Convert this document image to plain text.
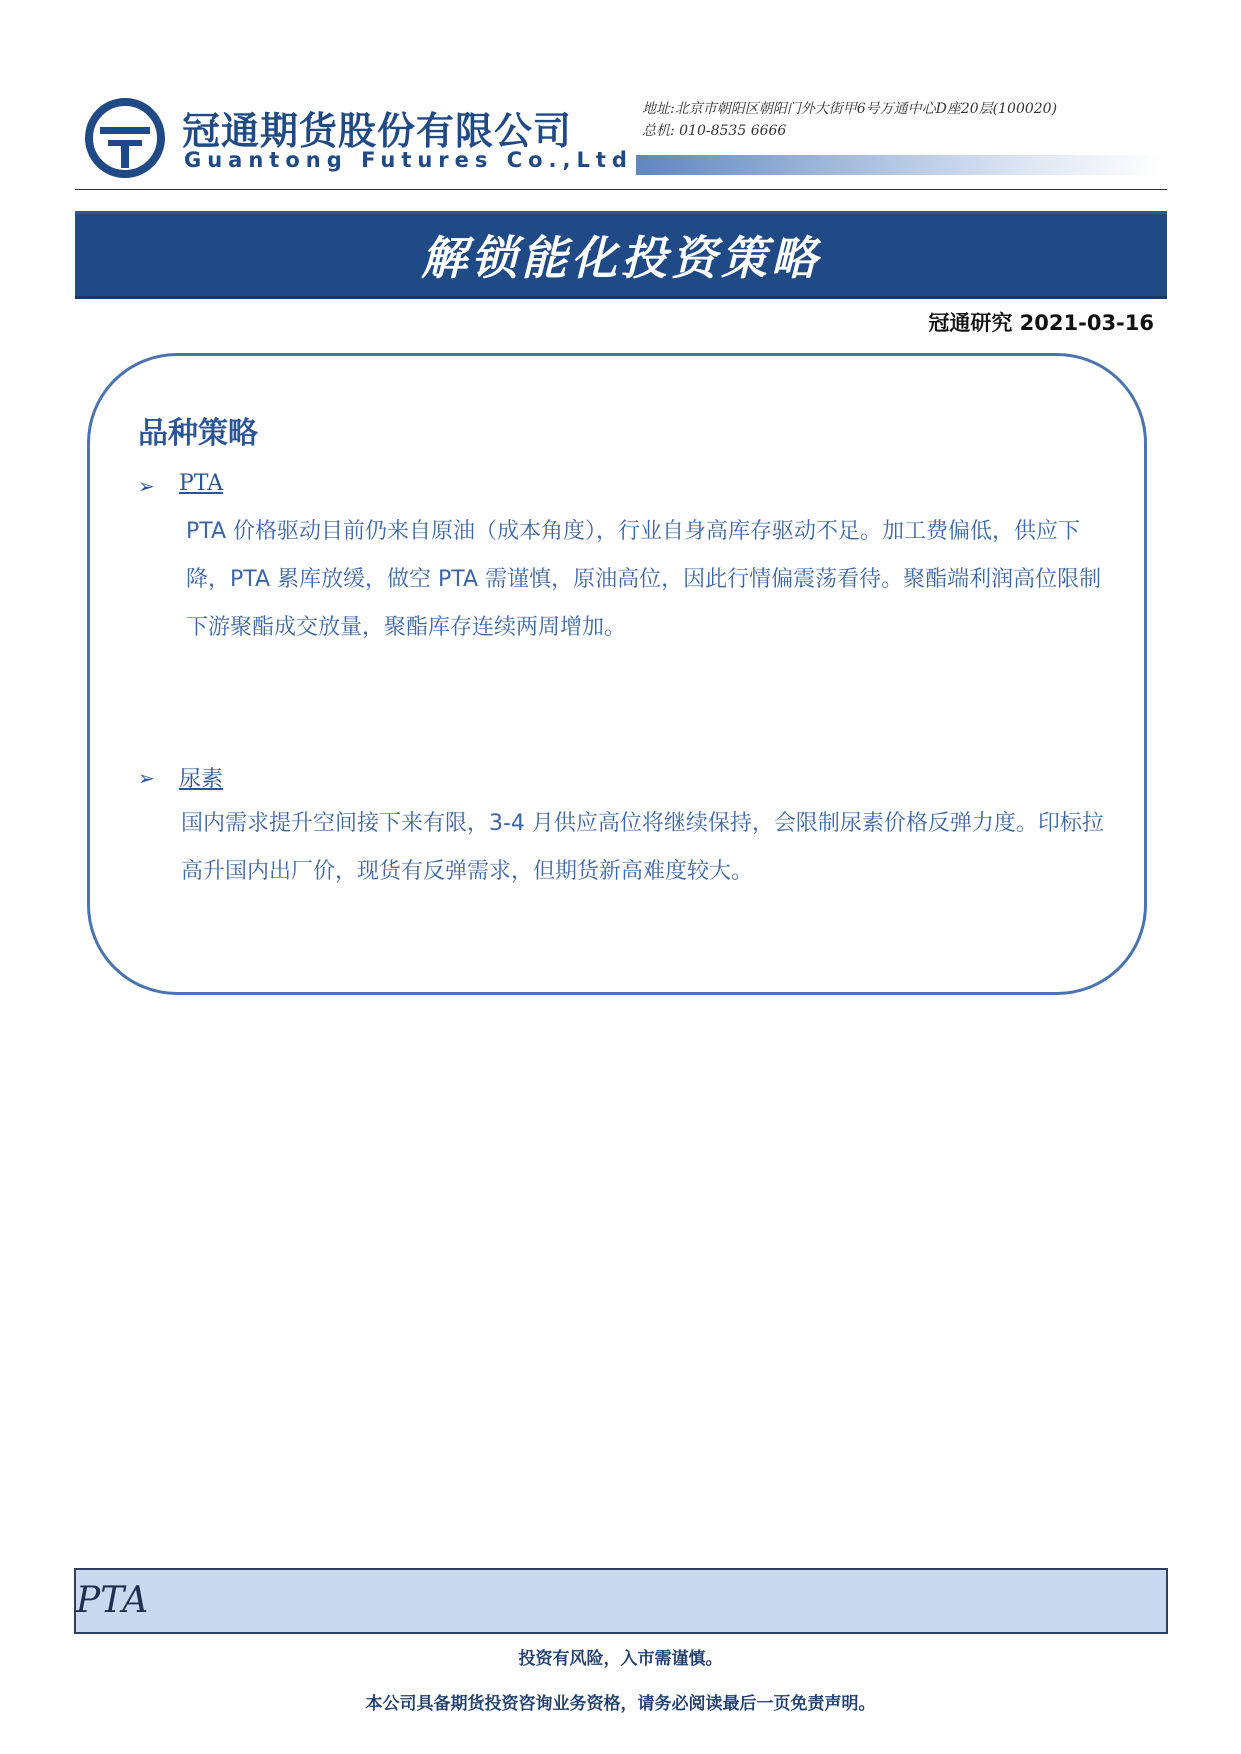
冠通期货股份有限公司
Guantong Futures Co.,Ltd
地址:北京市朝阳区朝阳门外大街甲6号万通中心D座20层(100020)
总机: 010-8535 6666
解锁能化投资策略
冠通研究 2021-03-16
品种策略
➢ PTA
PTA 价格驱动目前仍来自原油（成本角度），行业自身高库存驱动不足。加工费偏低，供应下降，PTA 累库放缓，做空 PTA 需谨慎，原油高位，因此行情偏震荡看待。聚酯端利润高位限制下游聚酯成交放量，聚酯库存连续两周增加。
➢ 尿素
国内需求提升空间接下来有限，3-4 月供应高位将继续保持，会限制尿素价格反弹力度。印标拉高升国内出厂价，现货有反弹需求，但期货新高难度较大。
PTA
投资有风险，入市需谨慎。
本公司具备期货投资咨询业务资格，请务必阅读最后一页免责声明。
